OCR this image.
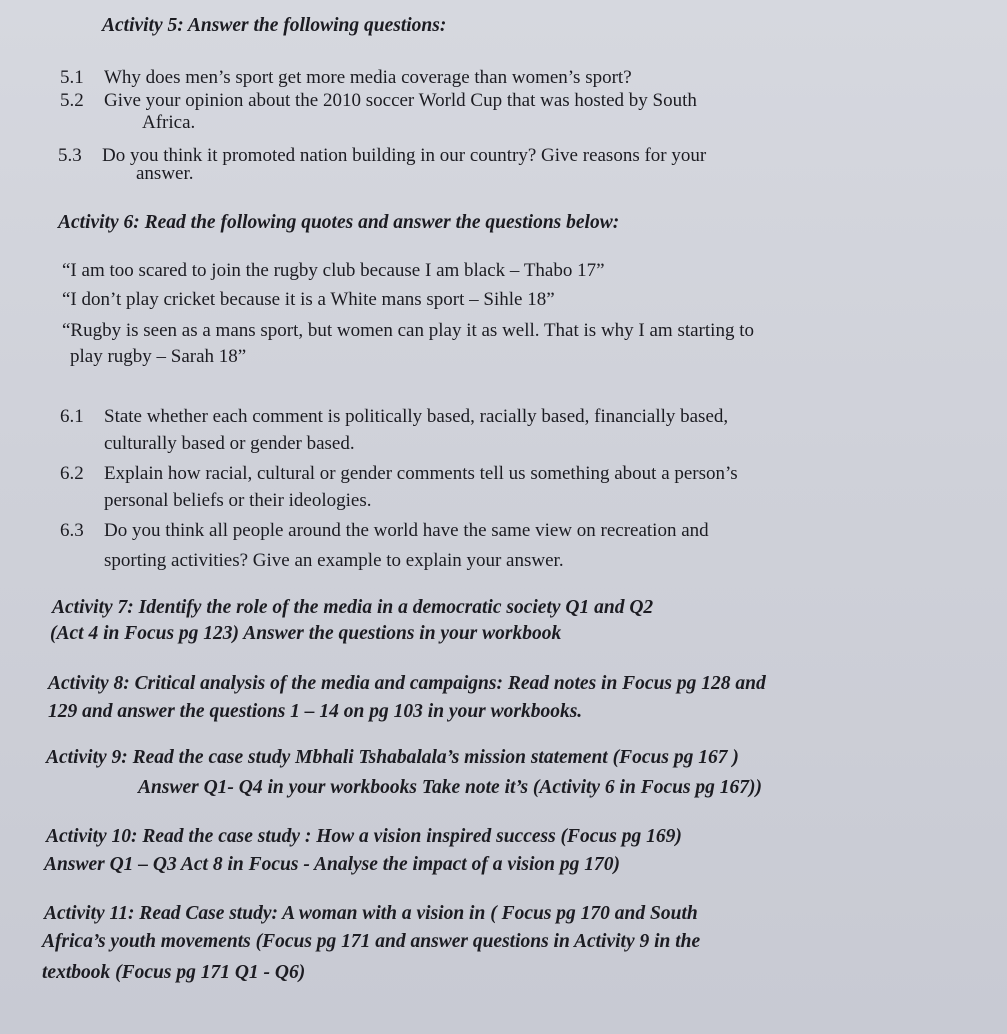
Activity 5: Answer the following questions:
5.1 Why does men’s sport get more media coverage than women’s sport?
5.2 Give your opinion about the 2010 soccer World Cup that was hosted by South
Africa.
5.3 Do you think it promoted nation building in our country? Give reasons for your
answer.
Activity 6: Read the following quotes and answer the questions below:
“I am too scared to join the rugby club because I am black – Thabo 17”
“I don’t play cricket because it is a White mans sport – Sihle 18”
“Rugby is seen as a mans sport, but women can play it as well. That is why I am starting to
play rugby – Sarah 18”
6.1 State whether each comment is politically based, racially based, financially based,
culturally based or gender based.
6.2 Explain how racial, cultural or gender comments tell us something about a person’s
personal beliefs or their ideologies.
6.3 Do you think all people around the world have the same view on recreation and
sporting activities? Give an example to explain your answer.
Activity 7: Identify the role of the media in a democratic society Q1 and Q2
(Act 4 in Focus pg 123) Answer the questions in your workbook
Activity 8: Critical analysis of the media and campaigns: Read notes in Focus pg 128 and
129 and answer the questions 1 – 14 on pg 103 in your workbooks.
Activity 9: Read the case study Mbhali Tshabalala’s mission statement (Focus pg 167 )
Answer Q1- Q4 in your workbooks Take note it’s (Activity 6 in Focus pg 167))
Activity 10: Read the case study : How a vision inspired success (Focus pg 169)
Answer Q1 – Q3 Act 8 in Focus - Analyse the impact of a vision pg 170)
Activity 11: Read Case study: A woman with a vision in ( Focus pg 170 and South
Africa’s youth movements (Focus pg 171 and answer questions in Activity 9 in the
textbook (Focus pg 171 Q1 - Q6)
